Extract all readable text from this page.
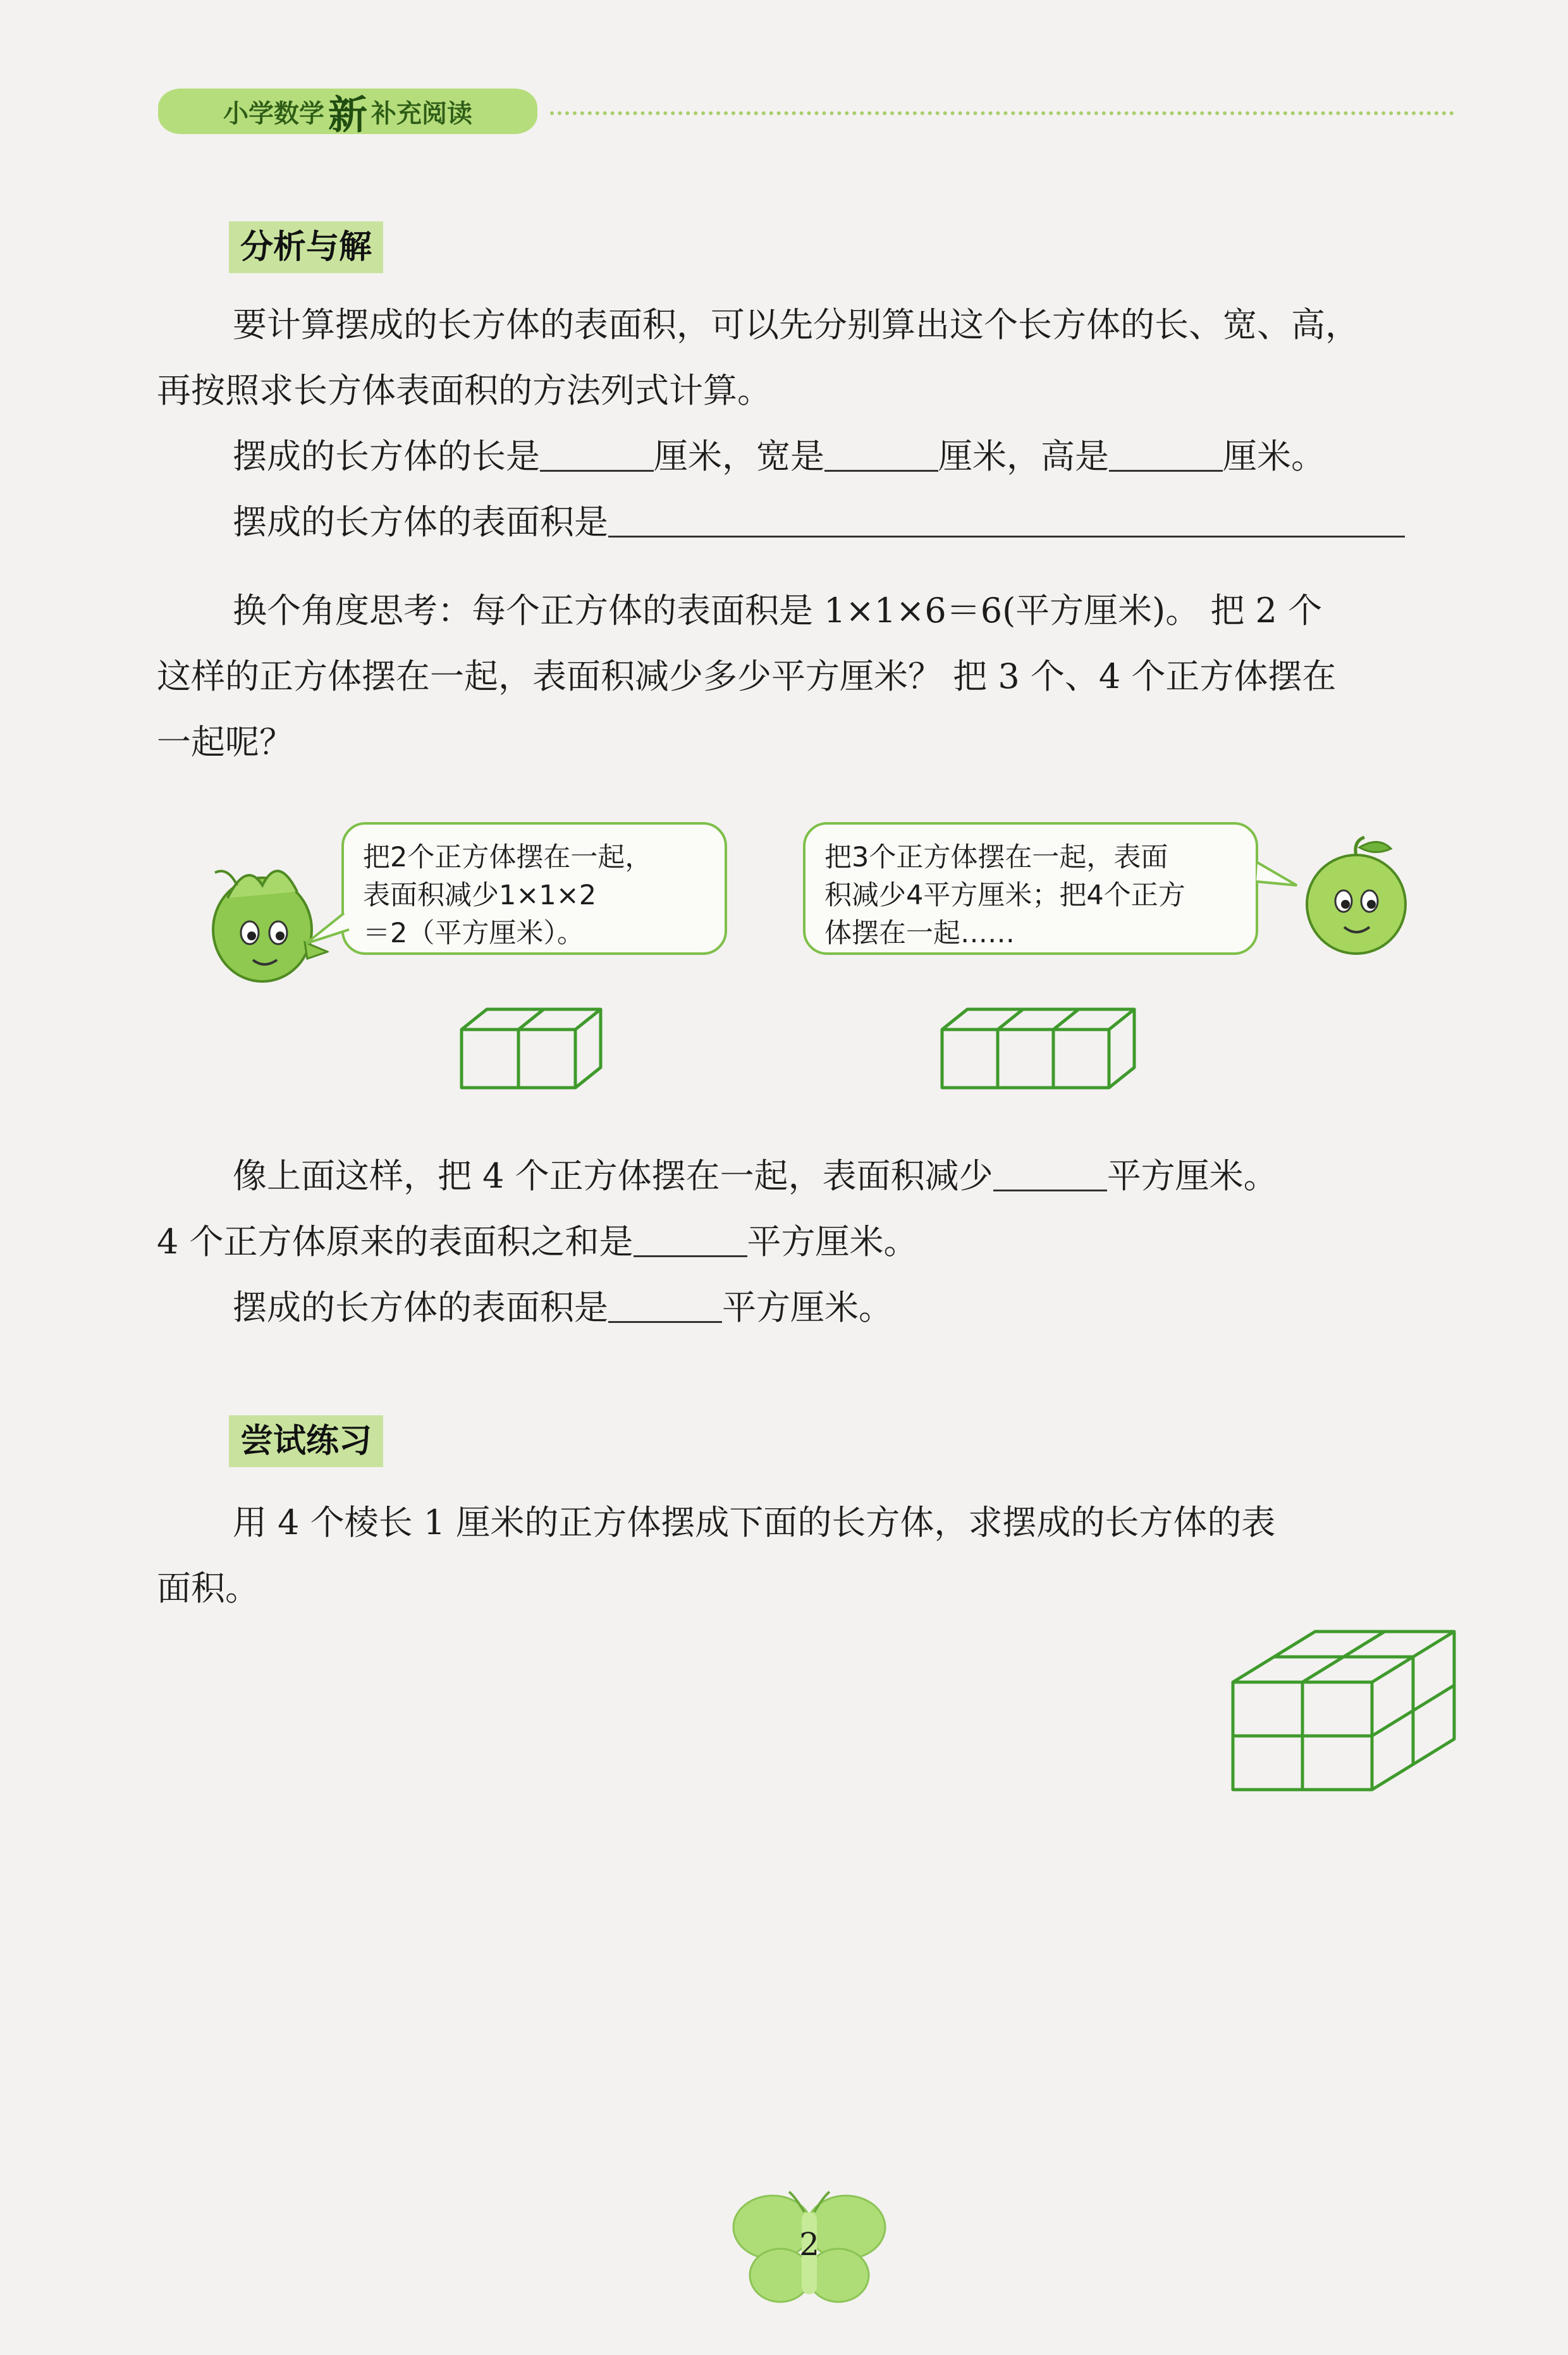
小学数学 新 补充阅读
分析与解
要计算摆成的长方体的表面积，可以先分别算出这个长方体的长、宽、高，
再按照求长方体表面积的方法列式计算。
摆成的长方体的长是	厘米，宽是	厘米，高是	厘米。
摆成的长方体的表面积是
换个角度思考：每个正方体的表面积是 1×1×6＝6(平方厘米)。 把 2 个
这样的正方体摆在一起，表面积减少多少平方厘米？ 把 3 个、4 个正方体摆在
一起呢？
把2个正方体摆在一起，
表面积减少1×1×2
＝2（平方厘米）。
把3个正方体摆在一起，表面
积减少4平方厘米；把4个正方
体摆在一起……
像上面这样，把 4 个正方体摆在一起，表面积减少	平方厘米。
4 个正方体原来的表面积之和是	平方厘米。
摆成的长方体的表面积是	平方厘米。
尝试练习
用 4 个棱长 1 厘米的正方体摆成下面的长方体，求摆成的长方体的表
面积。
2
